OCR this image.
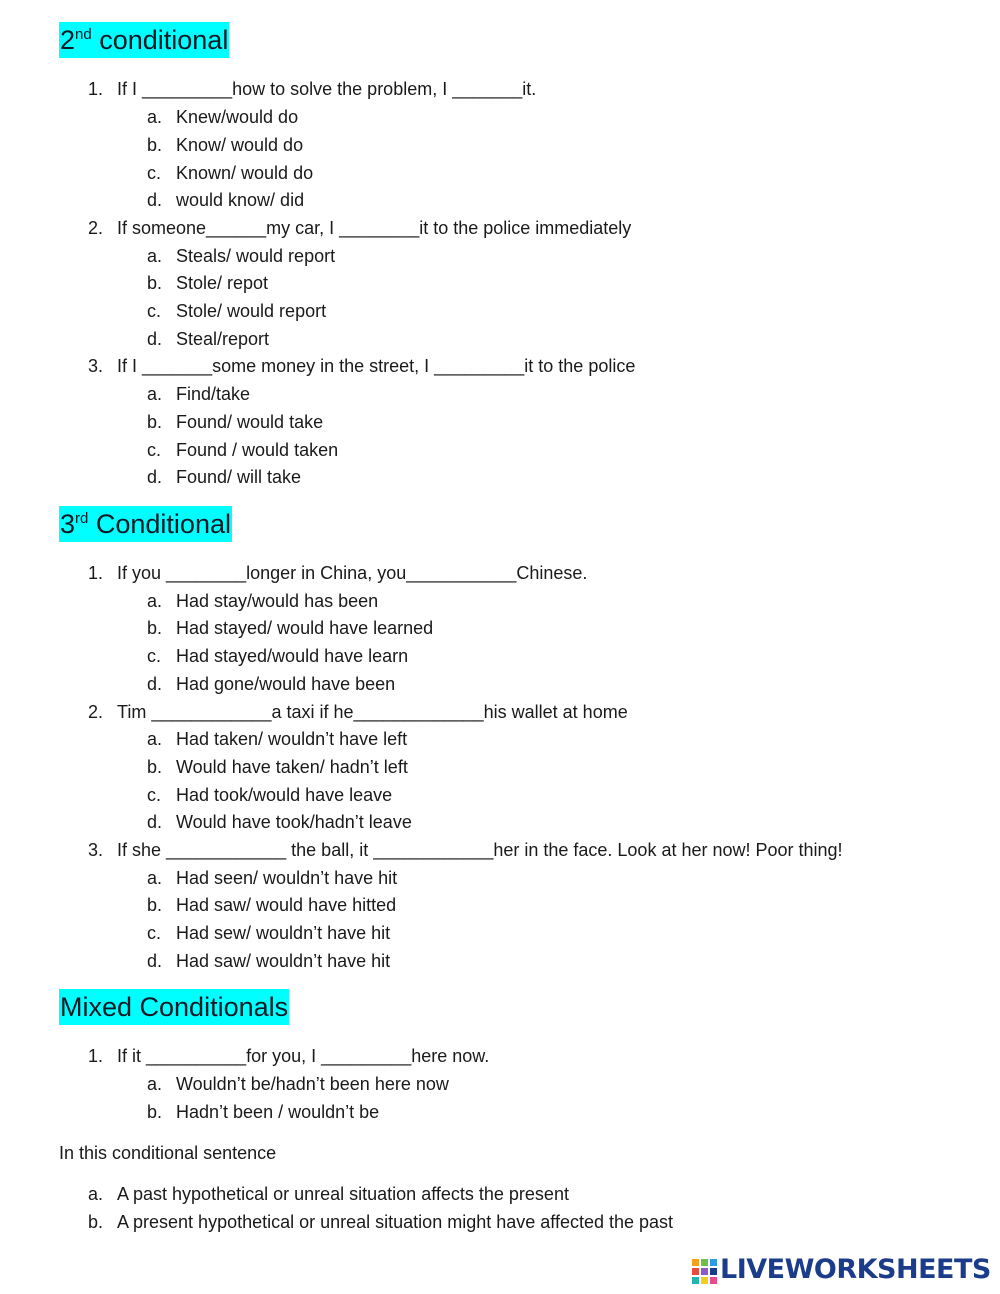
2nd conditional
1. If I _________how to solve the problem, I _______it.
a. Knew/would do
b. Know/ would do
c. Known/ would do
d. would know/ did
2. If someone______my car, I ________it to the police immediately
a. Steals/ would report
b. Stole/ repot
c. Stole/ would report
d. Steal/report
3. If I _______some money in the street, I _________it to the police
a. Find/take
b. Found/ would take
c. Found / would taken
d. Found/ will take
3rd Conditional
1. If you ________longer in China, you___________Chinese.
a. Had stay/would has been
b. Had stayed/ would have learned
c. Had stayed/would have learn
d. Had gone/would have been
2. Tim ____________a taxi if he_____________his wallet at home
a. Had taken/ wouldn’t have left
b. Would have taken/ hadn’t left
c. Had took/would have leave
d. Would have took/hadn’t leave
3. If she ____________ the ball, it ____________her in the face. Look at her now! Poor thing!
a. Had seen/ wouldn’t have hit
b. Had saw/ would have hitted
c. Had sew/ wouldn’t have hit
d. Had saw/ wouldn’t have hit
Mixed Conditionals
1. If it __________for you, I _________here now.
a. Wouldn’t be/hadn’t been here now
b. Hadn’t been / wouldn’t be
In this conditional sentence
a. A past hypothetical or unreal situation affects the present
b. A present hypothetical or unreal situation might have affected the past
LIVEWORKSHEETS
